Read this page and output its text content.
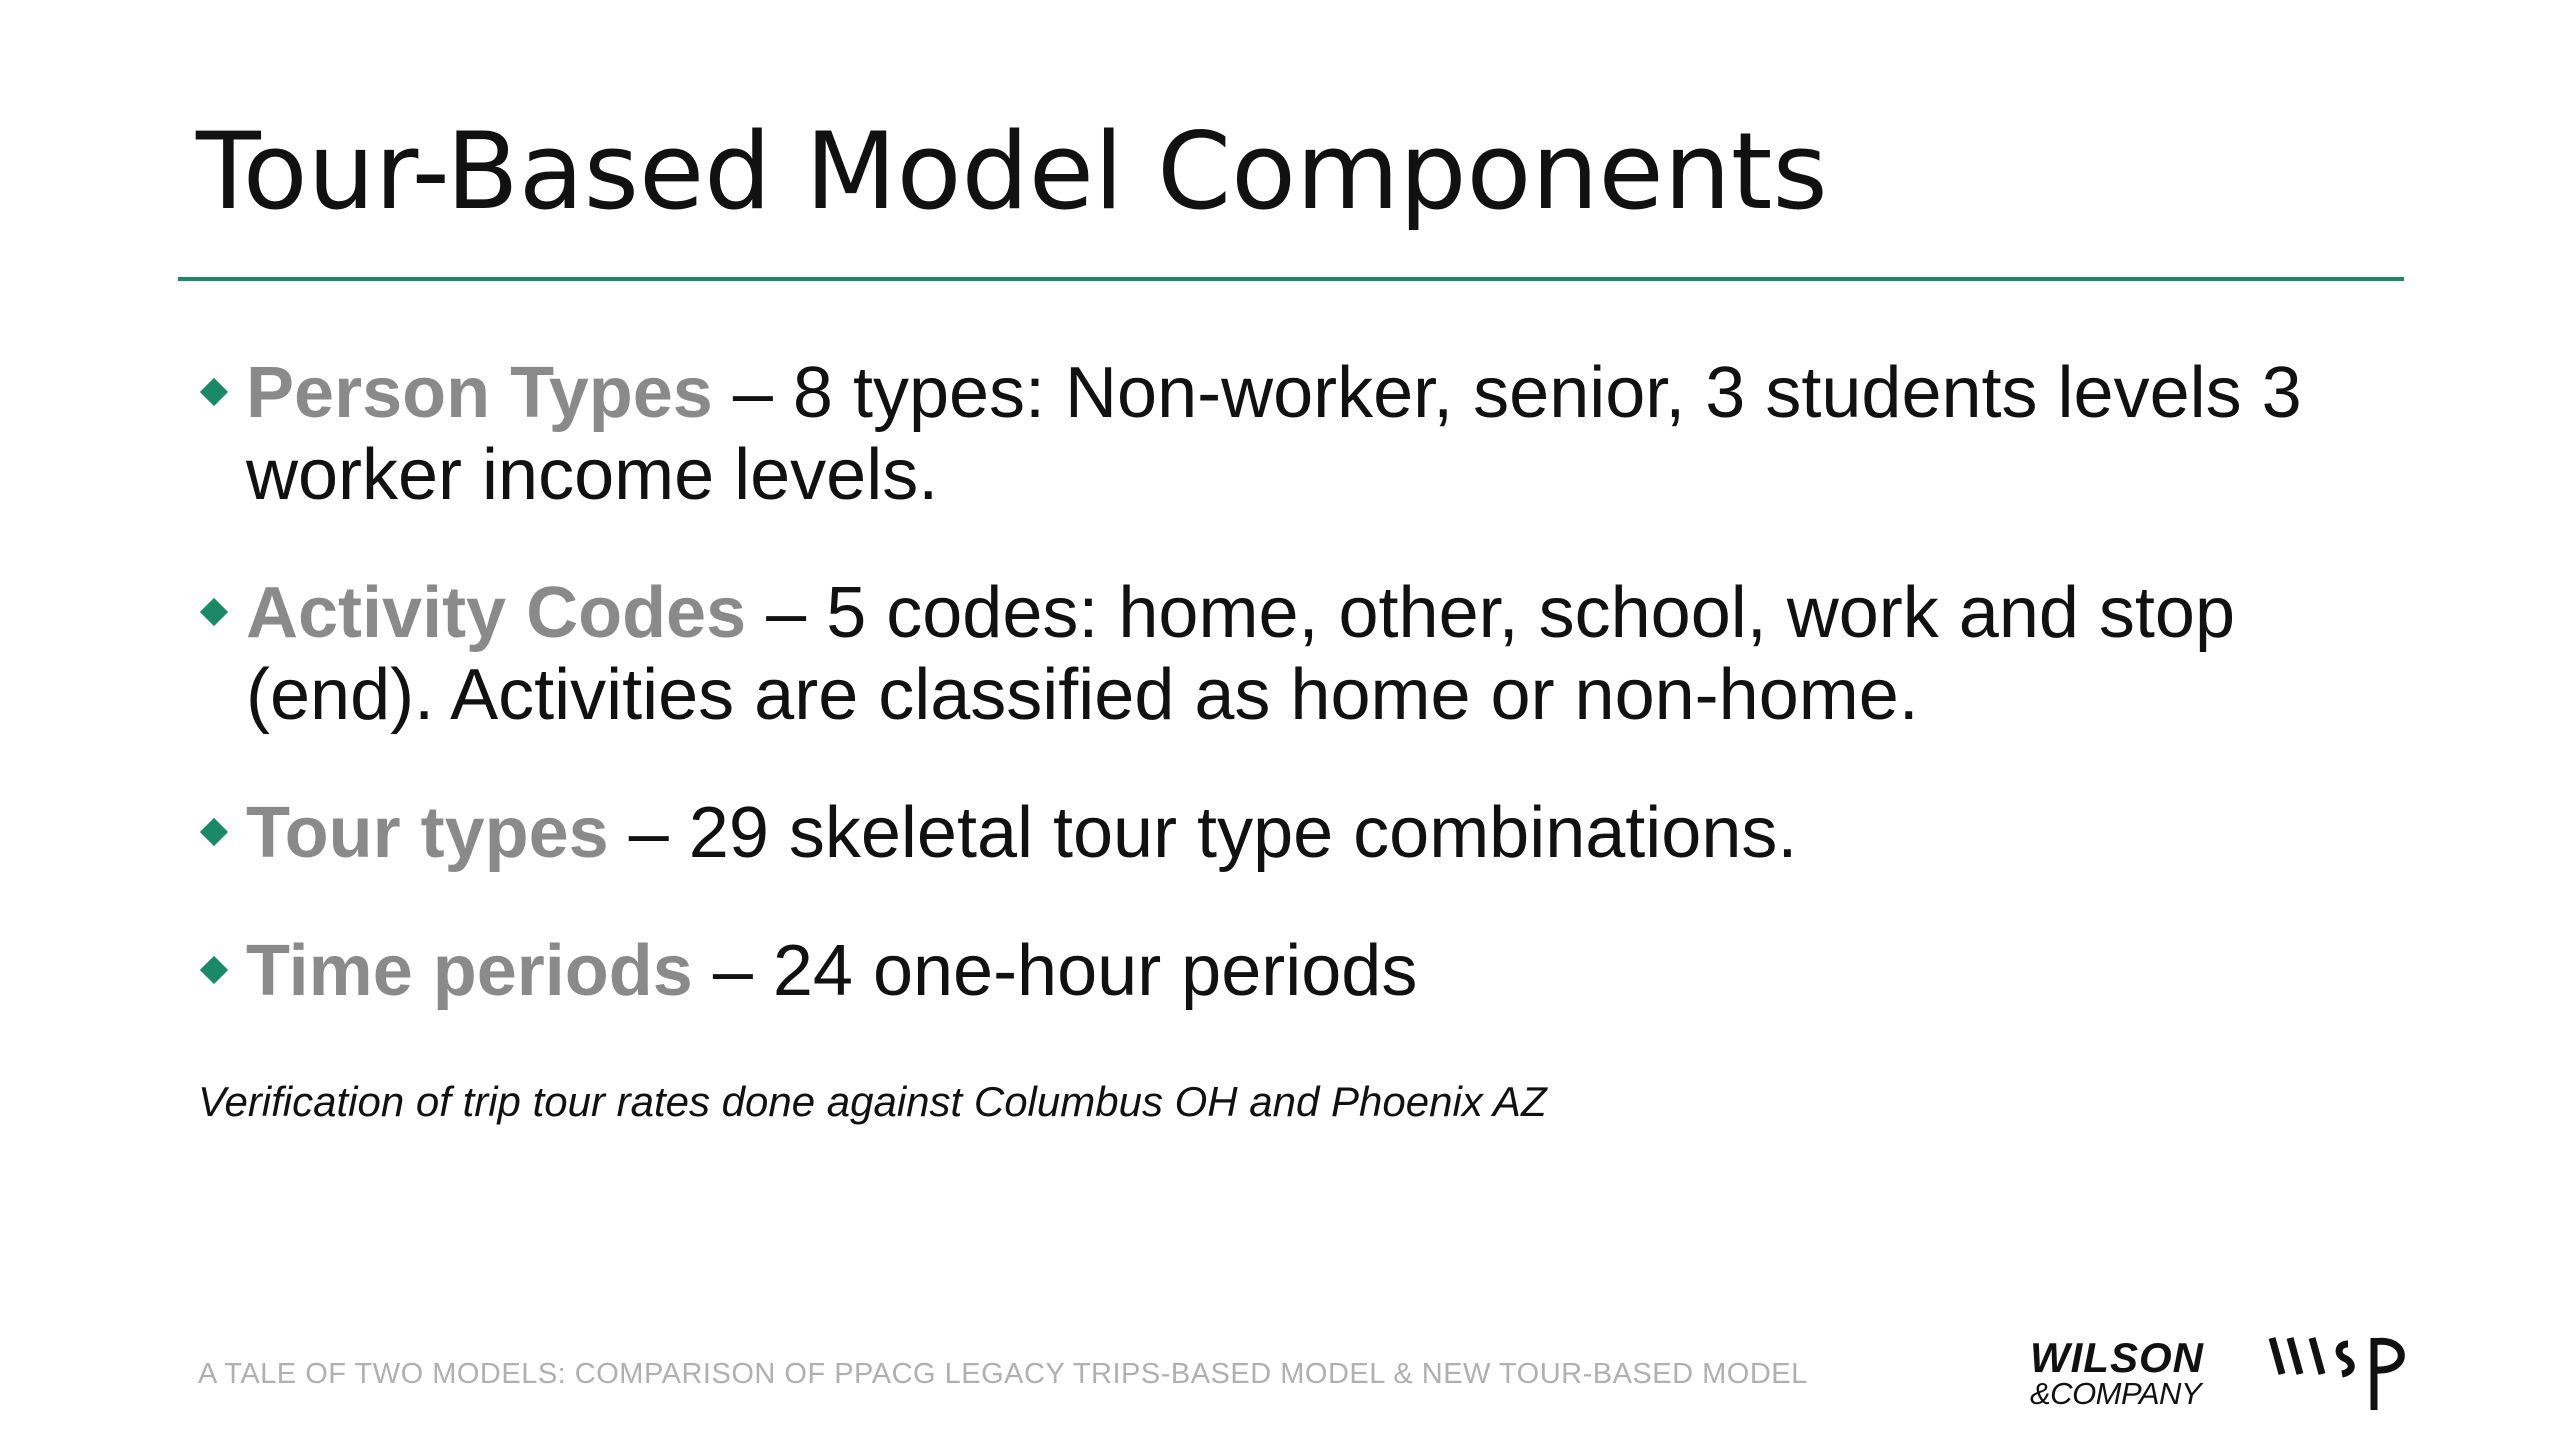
Tour-Based Model Components
Person Types – 8 types: Non-worker, senior, 3 students levels 3 worker income levels.
Activity Codes – 5 codes: home, other, school, work and stop (end). Activities are classified as home or non-home.
Tour types – 29 skeletal tour type combinations.
Time periods – 24 one-hour periods
Verification of trip tour rates done against Columbus OH and Phoenix AZ
A TALE OF TWO MODELS: COMPARISON OF PPACG LEGACY TRIPS-BASED MODEL & NEW TOUR-BASED MODEL	WILSON
&COMPANY
